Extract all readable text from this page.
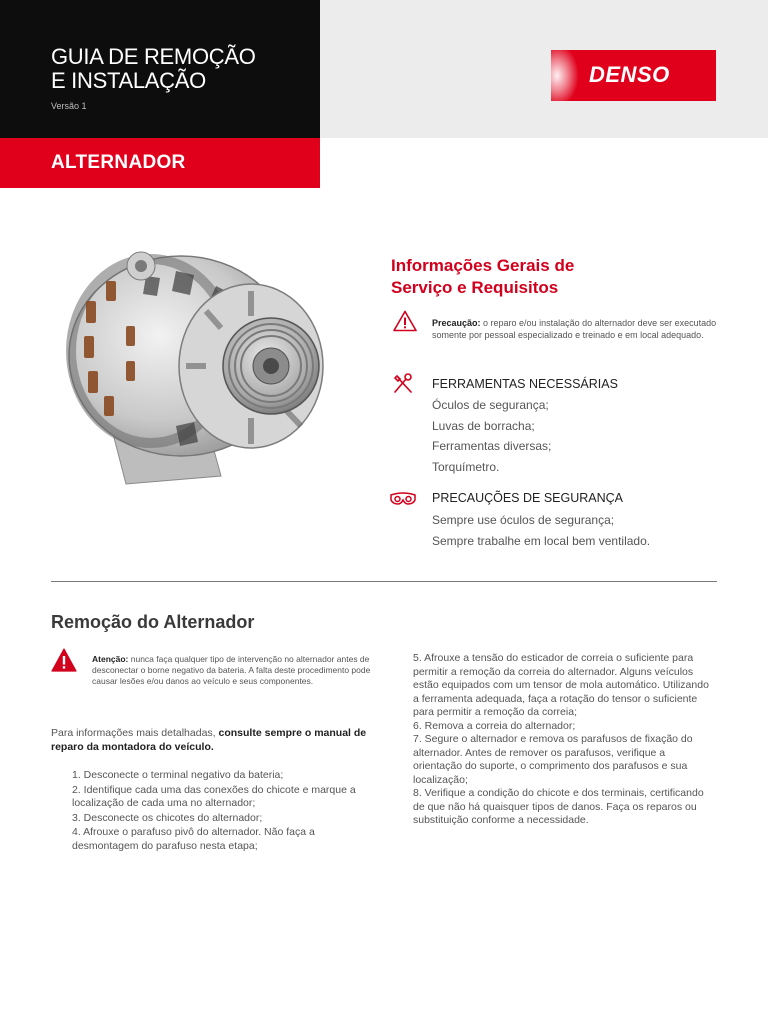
GUIA DE REMOÇÃO
E INSTALAÇÃO
Versão 1
DENSO
ALTERNADOR
Informações Gerais de
Serviço e Requisitos
Precaução: o reparo e/ou instalação do alternador deve ser executado somente por pessoal especializado e treinado e em local adequado.
FERRAMENTAS NECESSÁRIAS
Óculos de segurança;
Luvas de borracha;
Ferramentas diversas;
Torquímetro.
PRECAUÇÕES DE SEGURANÇA
Sempre use óculos de segurança;
Sempre trabalhe em local bem ventilado.
Remoção do Alternador
Atenção: nunca faça qualquer tipo de intervenção no alternador antes de desconectar o borne negativo da bateria. A falta deste procedimento pode causar lesões e/ou danos ao veículo e seus componentes.
Para informações mais detalhadas, consulte sempre o manual de reparo da montadora do veículo.
1. Desconecte o terminal negativo da bateria;
2. Identifique cada uma das conexões do chicote e marque a localização de cada uma no alternador;
3. Desconecte os chicotes do alternador;
4. Afrouxe o parafuso pivô do alternador. Não faça a desmontagem do parafuso nesta etapa;
5. Afrouxe a tensão do esticador de correia o suficiente para permitir a remoção da correia do alternador. Alguns veículos estão equipados com um tensor de mola automático. Utilizando a ferramenta adequada, faça a rotação do tensor o suficiente para permitir a remoção da correia;
6. Remova a correia do alternador;
7. Segure o alternador e remova os parafusos de fixação do alternador. Antes de remover os parafusos, verifique a orientação do suporte, o comprimento dos parafusos e sua localização;
8. Verifique a condição do chicote e dos terminais, certificando de que não há quaisquer tipos de danos. Faça os reparos ou substituição conforme a necessidade.
